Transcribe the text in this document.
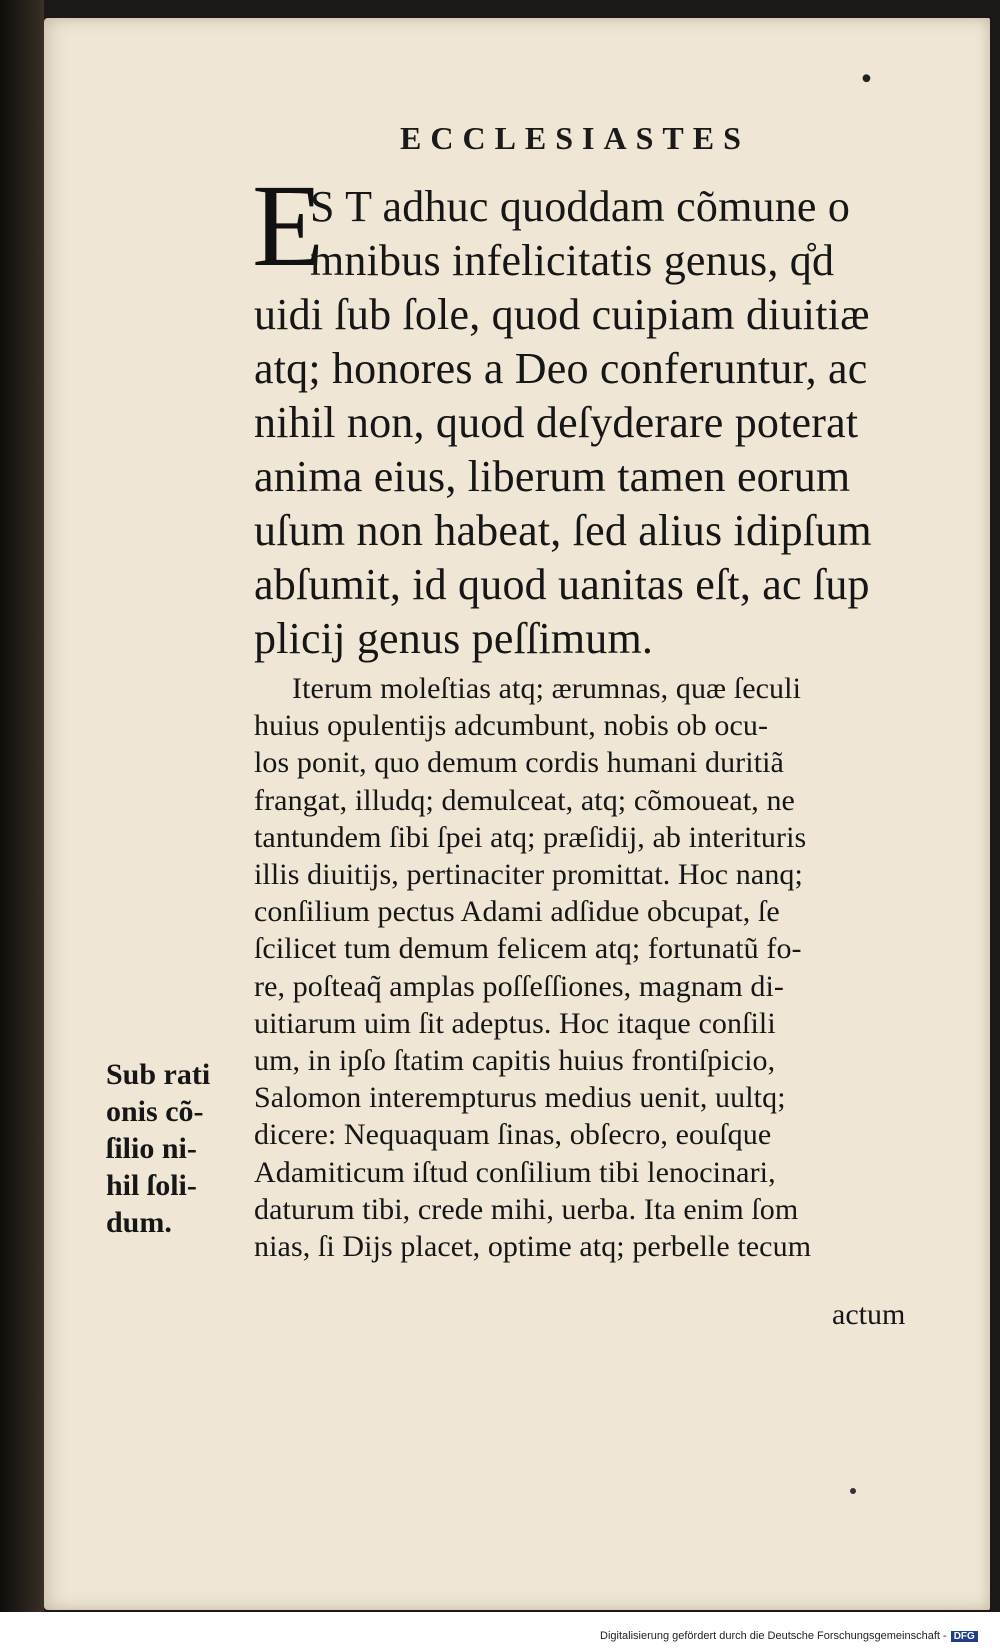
●
ECCLESIASTES
E
S T adhuc quoddam cõmune o
mnibus infelicitatis genus, q̊d
uidi ſub ſole, quod cuipiam diuitiæ
atq; honores a Deo conferuntur, ac
nihil non, quod deſyderare poterat
anima eius, liberum tamen eorum
uſum non habeat, ſed alius idipſum
abſumit, id quod uanitas eſt, ac ſup
plicij genus peſſimum.
Iterum moleſtias atq; ærumnas, quæ ſeculi
huius opulentijs adcumbunt, nobis ob ocu-
los ponit, quo demum cordis humani duritiã
frangat, illudq; demulceat, atq; cõmoueat, ne
tantundem ſibi ſpei atq; præſidij, ab interituris
illis diuitijs, pertinaciter promittat. Hoc nanq;
conſilium pectus Adami adſidue obcupat, ſe
ſcilicet tum demum felicem atq; fortunatũ fo-
re, poſteaq̃ amplas poſſeſſiones, magnam di-
uitiarum uim ſit adeptus. Hoc itaque conſili
um, in ipſo ſtatim capitis huius frontiſpicio,
Salomon interempturus medius uenit, uultq;
dicere: Nequaquam ſinas, obſecro, eouſque
Adamiticum iſtud conſilium tibi lenocinari,
daturum tibi, crede mihi, uerba. Ita enim ſom
nias, ſi Dijs placet, optime atq; perbelle tecum
Sub rati
onis cõ-
ſilio ni-
hil ſoli-
dum.
actum
Digitalisierung gefördert durch die Deutsche Forschungsgemeinschaft - DFG
